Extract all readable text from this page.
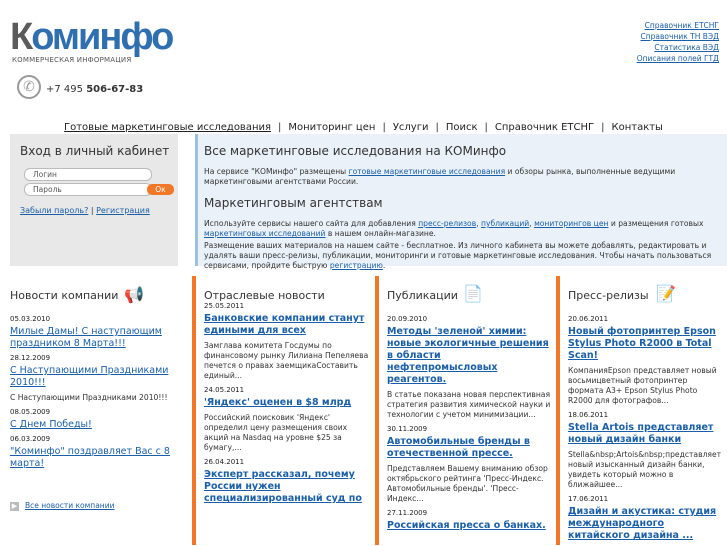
Коминфо
КОММЕРЧЕСКАЯ ИНФОРМАЦИЯ
✆	+7 495 506-67-83
Справочник ЕТСНГ
Справочник ТН ВЭД
Статистика ВЭД
Описания полей ГТД
Готовые маркетинговые исследования | Мониторинг цен | Услуги | Поиск | Справочник ЕТСНГ | Контакты
Вход в личный кабинет
Логин
Пароль	Ок
Забыли пароль? | Регистрация
Все маркетинговые исследования на КОМинфо

На сервисе "КОМинфо" размещены готовые маркетинговые исследования и обзоры рынка, выполненные ведущими маркетинговыми агентствами России.

Маркетинговым агентствам

Используйте сервисы нашего сайта для добавления пресс-релизов, публикаций, мониторингов цен и размещения готовых маркетинговых исследований в нашем онлайн-магазине.

Размещение ваших материалов на нашем сайте - бесплатное. Из личного кабинета вы можете добавлять, редактировать и удалять ваши пресс-релизы, публикации, мониторинги и готовые маркетинговые исследования. Чтобы начать пользоваться сервисами, пройдите быструю регистрацию.

Новости компании 📢
05.03.2010
Милые Дамы! С наступающим праздником 8 Марта!!!
28.12.2009
С Наступающими Праздниками 2010!!!
С Наступающими Праздниками 2010!!!
08.05.2009
С Днем Победы!
06.03.2009
"Коминфо" поздравляет Вас с 8 марта!
▶ Все новости компании
Отраслевые новости
25.05.2011
Банковские компании станут едиными для всех
Замглава комитета Госдумы по финансовому рынку Лилиана Пепеляева печется о правах заемщикаСоставить единый...
24.05.2011
'Яндекс' оценен в $8 млрд
Российский поисковик 'Яндекс' определил цену размещения своих акций на Nasdaq на уровне $25 за бумагу,...
26.04.2011
Эксперт рассказал, почему России нужен специализированный суд по
Публикации 📄
20.09.2010
Методы 'зеленой' химии: новые экологичные решения в области нефтепромысловых реагентов.
В статье показана новая перспективная стратегия развития химической науки и технологии с учетом минимизации...
30.11.2009
Автомобильные бренды в отечественной прессе.
Представляем Вашему вниманию обзор октябрьского рейтинга 'Пресс-Индекс. Автомобильные бренды'. 'Пресс-Индекс...
27.11.2009
Российская пресса о банках.
Пресс-релизы 📝
20.06.2011
Новый фотопринтер Epson Stylus Photo R2000 в Total Scan!
КомпанияEpson представляет новый восьмицветный фотопринтер формата A3+ Epson Stylus Photo R2000 для фотографов...
18.06.2011
Stella Artois представляет новый дизайн банки
Stella&nbsp;Artois&nbsp;представляет новый изысканный дизайн банки, увидеть который можно в ближайшее...
17.06.2011
Дизайн и акустика: студия международного китайского дизайна ...
